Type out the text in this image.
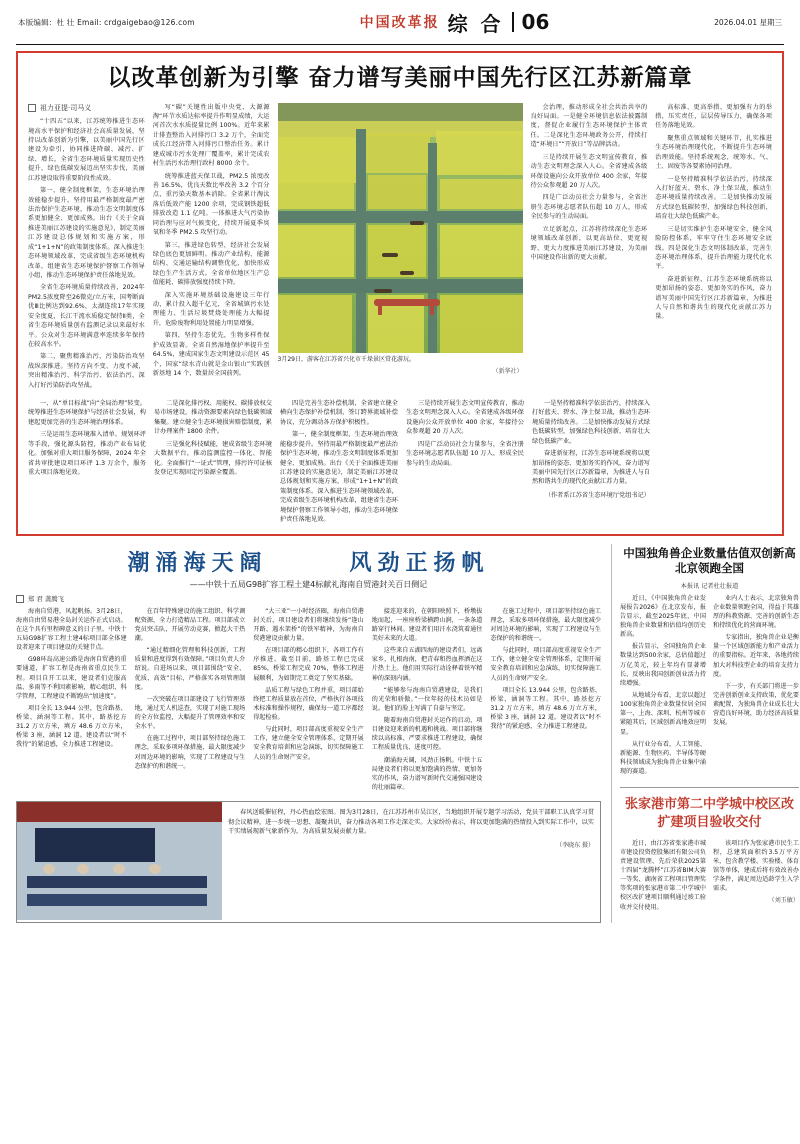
本版编辑：杜 壮 Email: crdgaigebao@126.com	中国改革报 综 合 06	2026.04.01 星期三
以改革创新为引擎 奋力谱写美丽中国先行区江苏新篇章
祖力亚提·司马义

“十四五”以来，江苏统筹推进生态环境高水平保护和经济社会高质量发展，坚持以改革创新为引擎，以美丽中国先行区建设为牵引，协同推进降碳、减污、扩绿、增长，全省生态环境质量实现历史性提升，绿色低碳发展迈出坚实步伐，美丽江苏建设取得重要阶段性成效。

第一，健全制度框架，生态环境治理效能稳步提升。坚持用最严格制度最严密法治保护生态环境，推动生态文明制度体系更加健全、更加成熟。出台《关于全面推进美丽江苏建设的实施意见》，制定美丽江苏建设总体规划和实施方案，形成“1+1+N”的政策制度体系。深入推进生态环境领域改革，完成省级生态环境机构改革，组建省生态环境保护督察工作领导小组，推动生态环境保护责任落地见效。

全省生态环境质量持续改善，2024年PM2.5浓度降至26微克/立方米，国考断面优Ⅲ比例达到92.6%，太湖连续17年实现安全度夏，长江干流水质稳定保持Ⅱ类，全省生态环境质量创有监测记录以来最好水平。公众对生态环境满意率连续多年保持在较高水平。

第二，聚焦精准治污，污染防治攻坚战纵深推进。坚持方向不变、力度不减，突出精准治污、科学治污、依法治污，深入打好污染防治攻坚战。

写“碳”关键性出版中央党、大源源淘“环节水质达标率提升作明显成绩，大运河首次水水质提量比例 100%。近年来累计排查整治入河排污口 3.2 万个，全面完成长江经济带入河排污口整治任务。累计建成城市污水处理厂覆盖率，累计完成农村生活污水治理行政村 8000 余个。

统筹推进蓝天保卫战，PM2.5 浓度改善 16.5%，优良天数比率改善 3.2 个百分点，重污染天数基本消除。全省累计淘汰落后低效产能 1200 余项，完成钢铁超低排放改造 1.1 亿吨。一体推进大气污染协同治理与应对气候变化，持续开展夏季臭氧和冬季 PM2.5 攻坚行动。

第三，推进绿色转型，经济社会发展绿色底色更加鲜明。推动产业结构、能源结构、交通运输结构调整优化，加快形成绿色生产生活方式。全省单位地区生产总值能耗、碳排放强度持续下降。

深入实施环境基础设施建设三年行动，累计投入超千亿元，全省城镇污水处理能力、生活垃圾焚烧处理能力大幅提升，危险废物利用处置能力明显增强。

第四，坚持生态优先，生物多样性保护成效显著。全省自然湿地保护率提升至 64.5%，建成国家生态文明建设示范区 45 个，国家“绿水青山就是金山银山”实践创新基地 14 个，数量居全国前列。

3月29日，游客在江苏省兴化市千垛景区赏花游玩。
（新华社）

会治理，推动形成全社会共治共享的良好局面。一是健全环境信息依法披露制度，督促企业履行生态环境保护主体责任。二是深化生态环境政务公开，持续打造“环境日”“开放日”等品牌活动。

三是持续开展生态文明宣传教育，推动生态文明理念深入人心。全省建成各级环保设施向公众开放单位 400 余家，年接待公众参观超 20 万人次。

四是广泛动员社会力量参与，全省注册生态环境志愿者队伍超 10 万人，形成全民参与的生动局面。

立足新起点，江苏将持续深化生态环境领域改革创新，以更高站位、更宽视野、更大力度推进美丽江苏建设，为美丽中国建设作出新的更大贡献。

高标准、更高举措、更加强有力的举措，压实责任，层层传导压力，确保各项任务落地见效。

聚焦重点领域和关键环节，扎实推进生态环境治理现代化，不断提升生态环境治理效能。坚持系统观念，统筹水、气、土、固废等各要素协同治理。

一是坚持精准科学依法治污，持续深入打好蓝天、碧水、净土保卫战，推动生态环境质量持续改善。二是加快推动发展方式绿色低碳转型，加强绿色科技创新，培育壮大绿色低碳产业。

三是切实维护生态环境安全，健全风险防控体系，牢牢守住生态环境安全底线。四是深化生态文明体制改革，完善生态环境治理体系，提升治理能力现代化水平。

奋进新征程，江苏生态环境系统将以更加昂扬的姿态、更加务实的作风，奋力谱写美丽中国先行区江苏新篇章，为推进人与自然和谐共生的现代化贡献江苏力量。

一、从“单目标战”向“全局治理”转变。统筹推进生态环境保护与经济社会发展，构建起更加完善的生态环境治理体系。

三是运用生态环境准入清单、规划环评等手段，强化源头防控，推动产业布局优化。加强对重大项目服务保障，2024 年全省共审批建设项目环评 1.3 万余个，服务重大项目落地见效。

二是深化排污权、用能权、碳排放权交易市场建设，推动资源要素向绿色低碳领域集聚。建立健全生态环境损害赔偿制度，累计办理案件 1800 余件。

三是强化科技赋能，建成省级生态环境大数据平台，推动监测监控一体化、智能化。全面推行“一证式”管理，排污许可证核发登记实现固定污染源全覆盖。

四是完善生态补偿机制，全省建立健全横向生态保护补偿机制，签订跨界流域补偿协议，充分调动各方保护积极性。

第一，健全制度框架，生态环境治理效能稳步提升。坚持用最严格制度最严密法治保护生态环境，推动生态文明制度体系更加健全、更加成熟。出台《关于全面推进美丽江苏建设的实施意见》，制定美丽江苏建设总体规划和实施方案，形成“1+1+N”的政策制度体系。深入推进生态环境领域改革，完成省级生态环境机构改革，组建省生态环境保护督察工作领导小组，推动生态环境保护责任落地见效。

三是持续开展生态文明宣传教育，推动生态文明理念深入人心。全省建成各级环保设施向公众开放单位 400 余家，年接待公众参观超 20 万人次。

四是广泛动员社会力量参与，全省注册生态环境志愿者队伍超 10 万人，形成全民参与的生动局面。

一是坚持精准科学依法治污，持续深入打好蓝天、碧水、净土保卫战，推动生态环境质量持续改善。二是加快推动发展方式绿色低碳转型，加强绿色科技创新，培育壮大绿色低碳产业。

奋进新征程，江苏生态环境系统将以更加昂扬的姿态、更加务实的作风，奋力谱写美丽中国先行区江苏新篇章，为推进人与自然和谐共生的现代化贡献江苏力量。

（作者系江苏省生态环境厅党组书记）
潮涌海天阔	风劲正扬帆
——中铁十五局G98扩容工程土建4标献礼海南自贸港封关百日侧记
郑 君 龚腾飞

海南自贸港，风起帆扬。3月28日，海南自由贸易港全岛封关运作正式启动。在这个具有里程碑意义的日子里，中铁十五局G98扩容工程土建4标项目部全体建设者迎来了项目建设的关键节点。

G98环岛高速公路是海南自贸港的重要通道，扩容工程是海南省重点民生工程。项目自开工以来，建设者们克服高温、多雨等不利因素影响，精心组织、科学管理，工程建设不断跑出“加速度”。

项目全长 13.944 公里，包含路基、桥梁、涵洞等工程。其中，路基挖方 31.2 万立方米，填方 48.6 万立方米，桥梁 3 座，涵洞 12 道。建设者以“时不我待”的紧迫感，全力推进工程建设。

在百年特殊建设的施工组织、科学调配资源，全力打造精品工程。项目部成立党员突击队，开展劳动竞赛，掀起大干热潮。

“通过精细化管理和科技创新，工程质量和进度得到有效保障。”项目负责人介绍说。自进场以来，项目部围绕“安全、优质、高效”目标，严格落实各项管理制度。

一次突破在项目部建设了飞行管理基地，通过无人机巡查，实现了对施工现场的全方位监控，大幅提升了管理效率和安全水平。

在施工过程中，项目部坚持绿色施工理念，采取多项环保措施，最大限度减少对周边环境的影响，实现了工程建设与生态保护的和谐统一。

“大三亚”一小时经济圈，海南自贸港封关后，项目建设者们将继续发扬“逢山开路、遇水架桥”的铁军精神，为海南自贸港建设贡献力量。

在项目部的精心组织下，各项工作有序推进。截至目前，路基工程已完成 85%，桥梁工程完成 70%，整体工程进展顺利，为如期完工奠定了坚实基础。

品质工程与绿色工程并重，项目部始终把工程质量放在首位，严格执行各项技术标准和操作规程，确保每一道工序都经得起检验。

与此同时，项目部高度重视安全生产工作，建立健全安全管理体系，定期开展安全教育培训和应急演练，切实保障施工人员的生命财产安全。

接连迎来的，在朝阳映照下，桥墩拔地而起，一座座桥梁横跨山涧，一条条道路穿行林间。建设者们用汗水浇筑着通往美好未来的大道。

这些来自五湖四海的建设者们，远离家乡，扎根海南，把青春和热血挥洒在这片热土上。他们用实际行动诠释着铁军精神的深刻内涵。

“能够参与海南自贸港建设，是我们的光荣和骄傲。”一位年轻的技术员如是说。他们的脸上写满了自豪与坚定。

随着海南自贸港封关运作的启动，项目建设迎来新的机遇和挑战。项目部将继续以高标准、严要求推进工程建设，确保工程质量优良、进度可控。

潮涌海天阔，风劲正扬帆。中铁十五局建设者们将以更加饱满的热情、更加务实的作风，奋力谱写新时代交通强国建设的壮丽篇章。

在施工过程中，项目部坚持绿色施工理念，采取多项环保措施，最大限度减少对周边环境的影响，实现了工程建设与生态保护的和谐统一。

与此同时，项目部高度重视安全生产工作，建立健全安全管理体系，定期开展安全教育培训和应急演练，切实保障施工人员的生命财产安全。

项目全长 13.944 公里，包含路基、桥梁、涵洞等工程。其中，路基挖方 31.2 万立方米，填方 48.6 万立方米，桥梁 3 座，涵洞 12 道。建设者以“时不我待”的紧迫感，全力推进工程建设。

春风送暖催征程，丹心热血绘宏图。图为3月28日，在江苏苏州市吴江区，当地组织开展专题学习活动，党员干部职工认真学习贯彻会议精神，进一步统一思想、凝聚共识，奋力推动各项工作走深走实。大家纷纷表示，将以更加饱满的热情投入到实际工作中，以实干实绩展现新气象新作为，为高质量发展贡献力量。

（李晓东 摄）
中国独角兽企业数量估值双创新高 北京领跑全国
本报讯 记者杜壮报道

近日，《中国独角兽企业发展报告2026》在北京发布，报告显示，截至2025年底，中国独角兽企业数量和估值均创历史新高。

报告显示，全国独角兽企业数量达到500余家，总估值超过万亿美元，较上年均有显著增长，反映出我国创新创业活力持续增强。

从地域分布看，北京以超过100家独角兽企业数量位居全国第一，上海、深圳、杭州等城市紧随其后，区域创新高地效应明显。

从行业分布看，人工智能、新能源、生物医药、半导体等硬科技领域成为独角兽企业集中涌现的赛道。

业内人士表示，北京独角兽企业数量领跑全国，得益于其雄厚的科教资源、完善的创新生态和持续优化的营商环境。

专家指出，独角兽企业是衡量一个区域创新能力和产业活力的重要指标。近年来，各地持续加大对科技型企业的培育支持力度。

下一步，有关部门将进一步完善创新创业支持政策，优化要素配置，为独角兽企业成长壮大营造良好环境，助力经济高质量发展。

张家港市第二中学城中校区改扩建项目验收交付

近日，由江苏省张家港市城市建设投资控股集团有限公司负责建设管理、先后荣获2025第十四届“龙腾杯”江苏省BIM大赛一等奖、湖南省工程项目管理奖等奖项的张家港市第二中学城中校区改扩建项目顺利通过竣工验收并交付使用。

该项目作为张家港市民生工程，总建筑面积约3.5万平方米，包含教学楼、实验楼、体育馆等单体，建成后将有效改善办学条件，满足周边适龄学生入学需求。

（刘玉敏）
